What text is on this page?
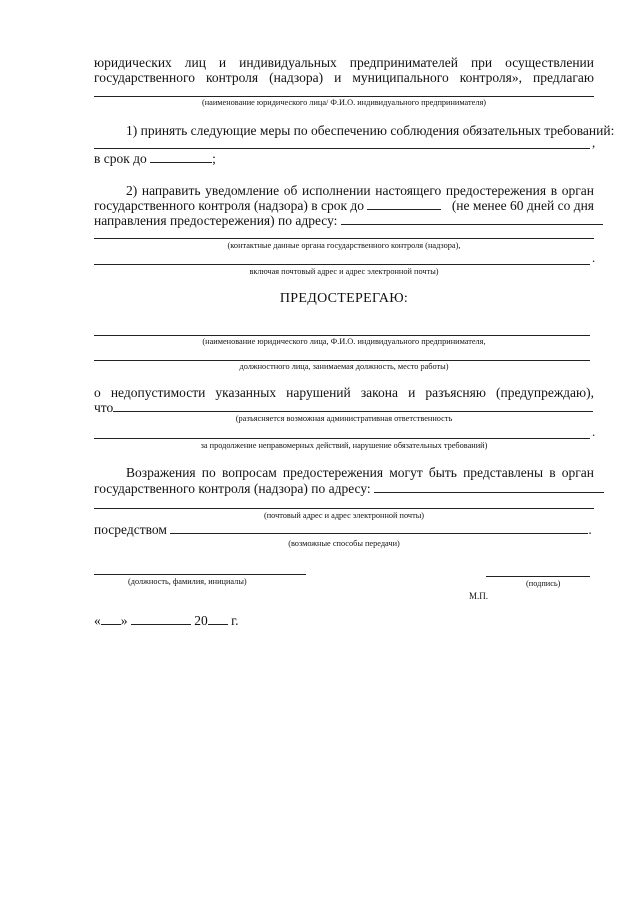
юридических лиц и индивидуальных предпринимателей при осуществлении
государственного контроля (надзора) и муниципального контроля», предлагаю
(наименование юридического лица/ Ф.И.О. индивидуального предпринимателя)
1) принять следующие меры по обеспечению соблюдения обязательных требований:
,
в срок до	;
2) направить уведомление об исполнении настоящего предостережения в орган
государственного контроля (надзора) в срок до	(не менее 60 дней со дня
направления предостережения) по адресу:
(контактные данные органа государственного контроля (надзора),
.
включая почтовый адрес и адрес электронной почты)
ПРЕДОСТЕРЕГАЮ:
(наименование юридического лица, Ф.И.О. индивидуального предпринимателя,
должностного лица, занимаемая должность, место работы)
о недопустимости указанных нарушений закона и разъясняю (предупреждаю),
что
(разъясняется возможная административная ответственность
.
за продолжение неправомерных действий, нарушение обязательных требований)
Возражения по вопросам предостережения могут быть представлены в орган
государственного контроля (надзора) по адресу:
(почтовый адрес и адрес электронной почты)
посредством	.
(возможные способы передачи)
(должность, фамилия, инициалы)	(подпись)
М.П.
« »	20 г.
